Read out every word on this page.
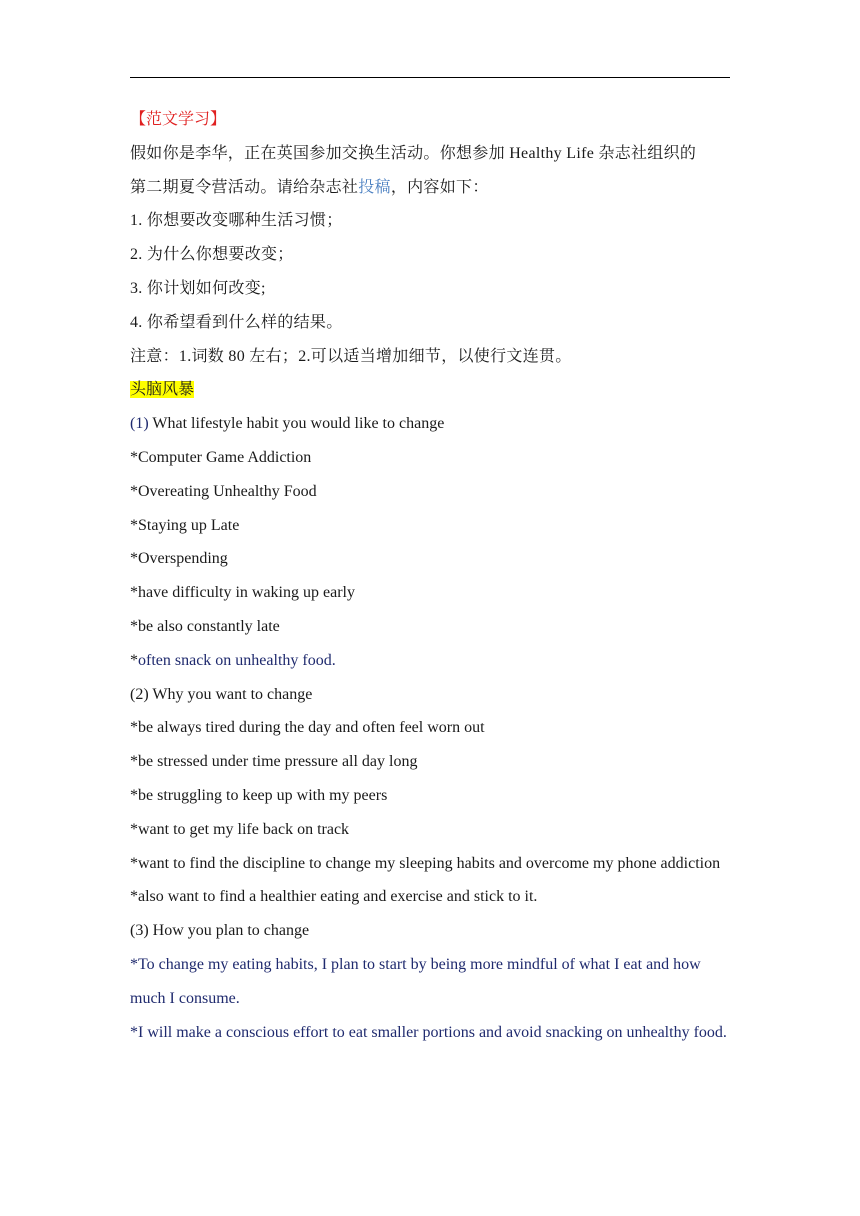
【范文学习】

假如你是李华，正在英国参加交换生活动。你想参加 Healthy Life 杂志社组织的

第二期夏令营活动。请给杂志社投稿，内容如下：

1. 你想要改变哪种生活习惯；

2. 为什么你想要改变；

3. 你计划如何改变;

4. 你希望看到什么样的结果。

注意：1.词数 80 左右；2.可以适当增加细节，以使行文连贯。

头脑风暴

(1) What lifestyle habit you would like to change

*Computer Game Addiction

*Overeating Unhealthy Food

*Staying up Late

*Overspending

*have difficulty in waking up early

*be also constantly late

*often snack on unhealthy food.

(2) Why you want to change

*be always tired during the day and often feel worn out

*be stressed under time pressure all day long

*be struggling to keep up with my peers

*want to get my life back on track

*want to find the discipline to change my sleeping habits and overcome my phone addiction

*also want to find a healthier eating and exercise and stick to it.

(3) How you plan to change

*To change my eating habits, I plan to start by being more mindful of what I eat and how much I consume.

*I will make a conscious effort to eat smaller portions and avoid snacking on unhealthy food.
